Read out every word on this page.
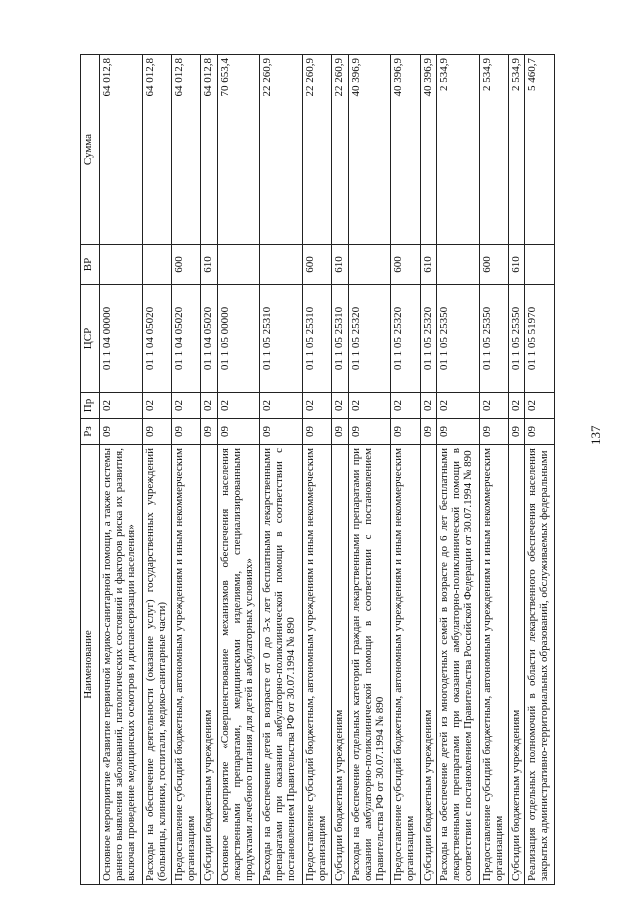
137
Наименование	Рз	Пр	ЦСР	ВР	Сумма
Основное мероприятие «Развитие первичной медико-санитарной помощи, а также системы раннего выявления заболеваний, патологических состояний и факторов риска их развития, включая проведение медицинских осмотров и диспансеризации населения»	09	02	01 1 04 00000		64 012,8
Расходы на обеспечение деятельности (оказание услуг) государственных учреждений (больницы, клиники, госпитали, медико-санитарные части)	09	02	01 1 04 05020		64 012,8
Предоставление субсидий бюджетным, автономным учреждениям и иным некоммерческим организациям	09	02	01 1 04 05020	600	64 012,8
Субсидии бюджетным учреждениям	09	02	01 1 04 05020	610	64 012,8
Основное мероприятие «Совершенствование механизмов обеспечения населения лекарственными препаратами, медицинскими изделиями, специализированными продуктами лечебного питания для детей в амбулаторных условиях»	09	02	01 1 05 00000		70 653,4
Расходы на обеспечение детей в возрасте от 0 до 3-х лет бесплатными лекарственными препаратами при оказании амбулаторно-поликлинической помощи в соответствии с постановлением Правительства РФ от 30.07.1994 № 890	09	02	01 1 05 25310		22 260,9
Предоставление субсидий бюджетным, автономным учреждениям и иным некоммерческим организациям	09	02	01 1 05 25310	600	22 260,9
Субсидии бюджетным учреждениям	09	02	01 1 05 25310	610	22 260,9
Расходы на обеспечение отдельных категорий граждан лекарственными препаратами при оказании амбулаторно-поликлинической помощи в соответствии с постановлением Правительства РФ от 30.07.1994 № 890	09	02	01 1 05 25320		40 396,9
Предоставление субсидий бюджетным, автономным учреждениям и иным некоммерческим организациям	09	02	01 1 05 25320	600	40 396,9
Субсидии бюджетным учреждениям	09	02	01 1 05 25320	610	40 396,9
Расходы на обеспечение детей из многодетных семей в возрасте до 6 лет бесплатными лекарственными препаратами при оказании амбулаторно-поликлинической помощи в соответствии с постановлением Правительства Российской Федерации от 30.07.1994 № 890	09	02	01 1 05 25350		2 534,9
Предоставление субсидий бюджетным, автономным учреждениям и иным некоммерческим организациям	09	02	01 1 05 25350	600	2 534,9
Субсидии бюджетным учреждениям	09	02	01 1 05 25350	610	2 534,9
Реализация отдельных полномочий в области лекарственного обеспечения населения закрытых административно-территориальных образований, обслуживаемых федеральными	09	02	01 1 05 51970		5 460,7
